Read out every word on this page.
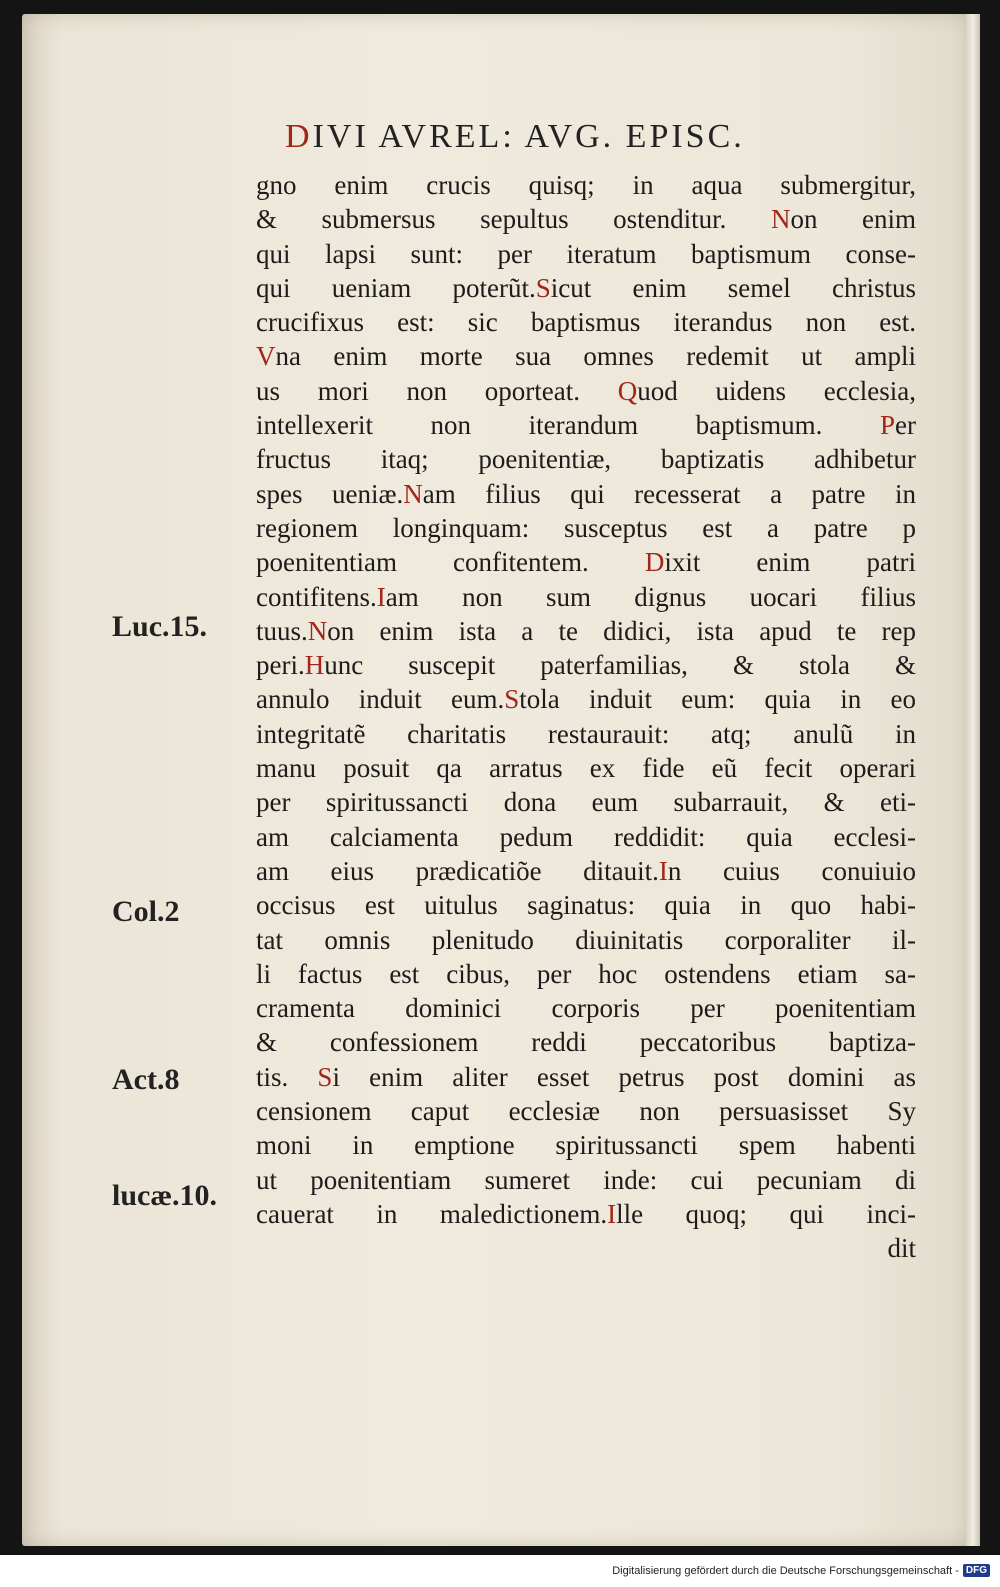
DIVI AVREL: AVG. EPISC.
gno enim crucis quisq; in aqua submergitur,
& submersus sepultus ostenditur. Non enim
qui lapsi sunt: per iteratum baptismum conse-
qui ueniam poterũt.Sicut enim semel christus
crucifixus est: sic baptismus iterandus non est.
Vna enim morte sua omnes redemit ut ampli
us mori non oporteat. Quod uidens ecclesia,
intellexerit non iterandum baptismum. Per
fructus itaq; poenitentiæ, baptizatis adhibetur
spes ueniæ.Nam filius qui recesserat a patre in
regionem longinquam: susceptus est a patre p
poenitentiam confitentem. Dixit enim patri
contifitens.Iam non sum dignus uocari filius
tuus.Non enim ista a te didici, ista apud te rep
peri.Hunc suscepit paterfamilias, & stola &
annulo induit eum.Stola induit eum: quia in eo
integritatẽ charitatis restaurauit: atq; anulũ in
manu posuit qa arratus ex fide eũ fecit operari
per spiritussancti dona eum subarrauit, & eti-
am calciamenta pedum reddidit: quia ecclesi-
am eius prædicatiõe ditauit.In cuius conuiuio
occisus est uitulus saginatus: quia in quo habi-
tat omnis plenitudo diuinitatis corporaliter il-
li factus est cibus, per hoc ostendens etiam sa-
cramenta dominici corporis per poenitentiam
& confessionem reddi peccatoribus baptiza-
tis. Si enim aliter esset petrus post domini as
censionem caput ecclesiæ non persuasisset Sy
moni in emptione spiritussancti spem habenti
ut poenitentiam sumeret inde: cui pecuniam di
cauerat in maledictionem.Ille quoq; qui inci-
dit
Luc.15.
Col.2
Act.8
lucæ.10.
Digitalisierung gefördert durch die Deutsche Forschungsgemeinschaft - DFG
